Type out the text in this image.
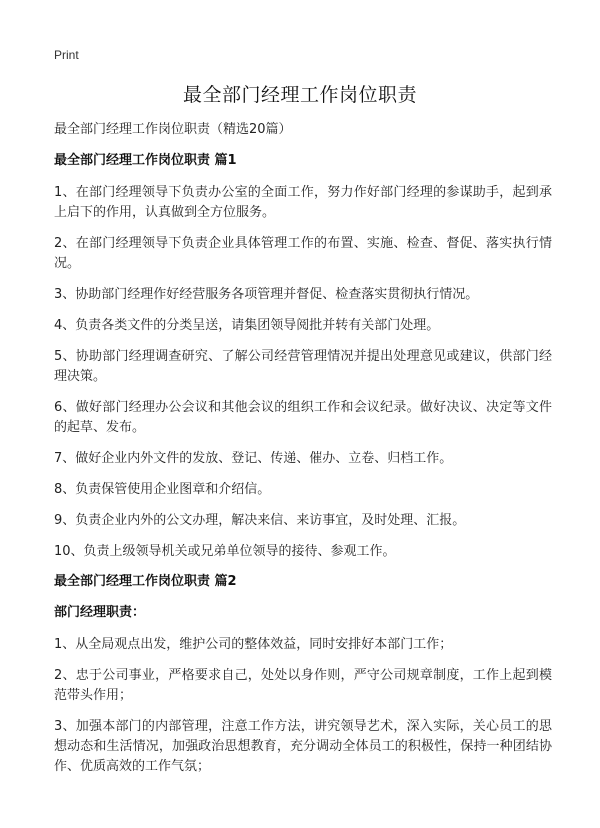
Print
最全部门经理工作岗位职责
最全部门经理工作岗位职责（精选20篇）
最全部门经理工作岗位职责 篇1

1、在部门经理领导下负责办公室的全面工作，努力作好部门经理的参谋助手，起到承上启下的作用，认真做到全方位服务。

2、在部门经理领导下负责企业具体管理工作的布置、实施、检查、督促、落实执行情况。

3、协助部门经理作好经营服务各项管理并督促、检查落实贯彻执行情况。

4、负责各类文件的分类呈送，请集团领导阅批并转有关部门处理。

5、协助部门经理调查研究、了解公司经营管理情况并提出处理意见或建议，供部门经理决策。

6、做好部门经理办公会议和其他会议的组织工作和会议纪录。做好决议、决定等文件的起草、发布。

7、做好企业内外文件的发放、登记、传递、催办、立卷、归档工作。

8、负责保管使用企业图章和介绍信。

9、负责企业内外的公文办理，解决来信、来访事宜，及时处理、汇报。

10、负责上级领导机关或兄弟单位领导的接待、参观工作。

最全部门经理工作岗位职责 篇2
部门经理职责：

1、从全局观点出发，维护公司的整体效益，同时安排好本部门工作；

2、忠于公司事业，严格要求自己，处处以身作则，严守公司规章制度，工作上起到模范带头作用；

3、加强本部门的内部管理，注意工作方法，讲究领导艺术，深入实际，关心员工的思想动态和生活情况，加强政治思想教育，充分调动全体员工的积极性，保持一种团结协作、优质高效的工作气氛；
